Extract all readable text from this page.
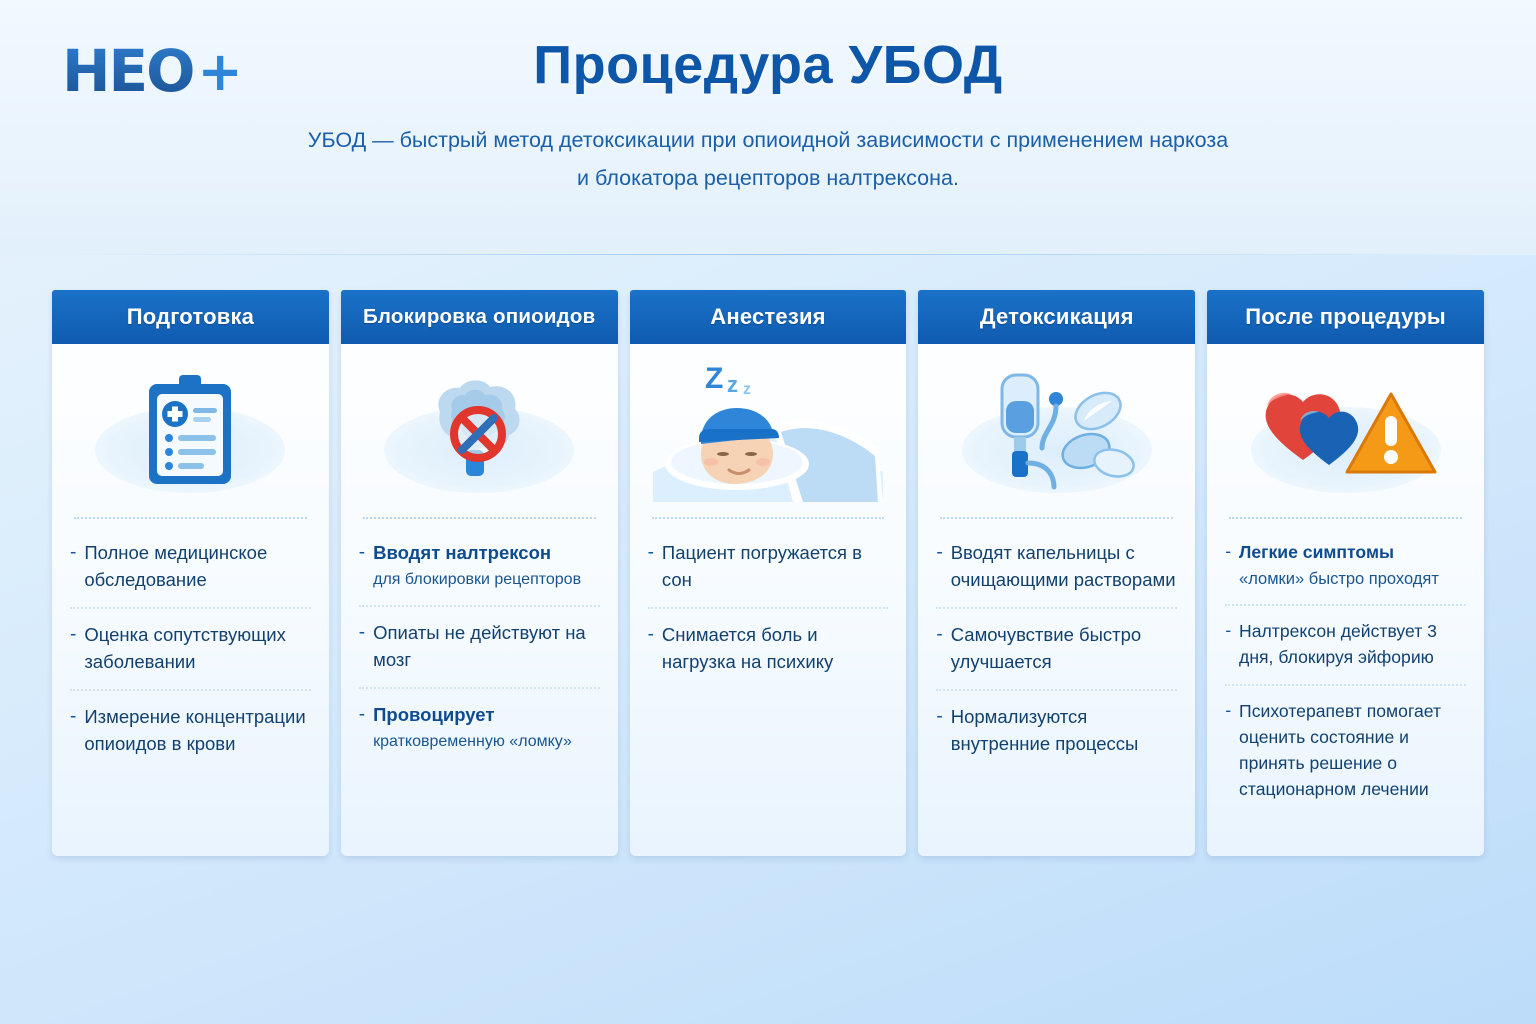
HEO +	Процедура УБОД
УБОД — быстрый метод детоксикации при опиоидной зависимости с применением наркоза
и блокатора рецепторов налтрексона.
Подготовка
- Полное медицинское обследование
- Оценка сопутствующих заболевании
- Измерение концентрации опиоидов в крови
Блокировка опиоидов
- Вводят налтрексон
для блокировки рецепторов
- Опиаты не действуют на мозг
- Провоцирует
кратковременную «ломку»
Анестезия
Z z z
- Пациент погружается в сон
- Снимается боль и нагрузка на психику
Детоксикация
- Вводят капельницы с очищающими растворами
- Самочувствие быстро улучшается
- Нормализуются внутренние процессы
После процедуры
- Легкие симптомы
«ломки» быстро проходят
- Налтрексон действует 3 дня, блокируя эйфорию
- Психотерапевт помогает оценить состояние и принять решение о стационарном лечении
